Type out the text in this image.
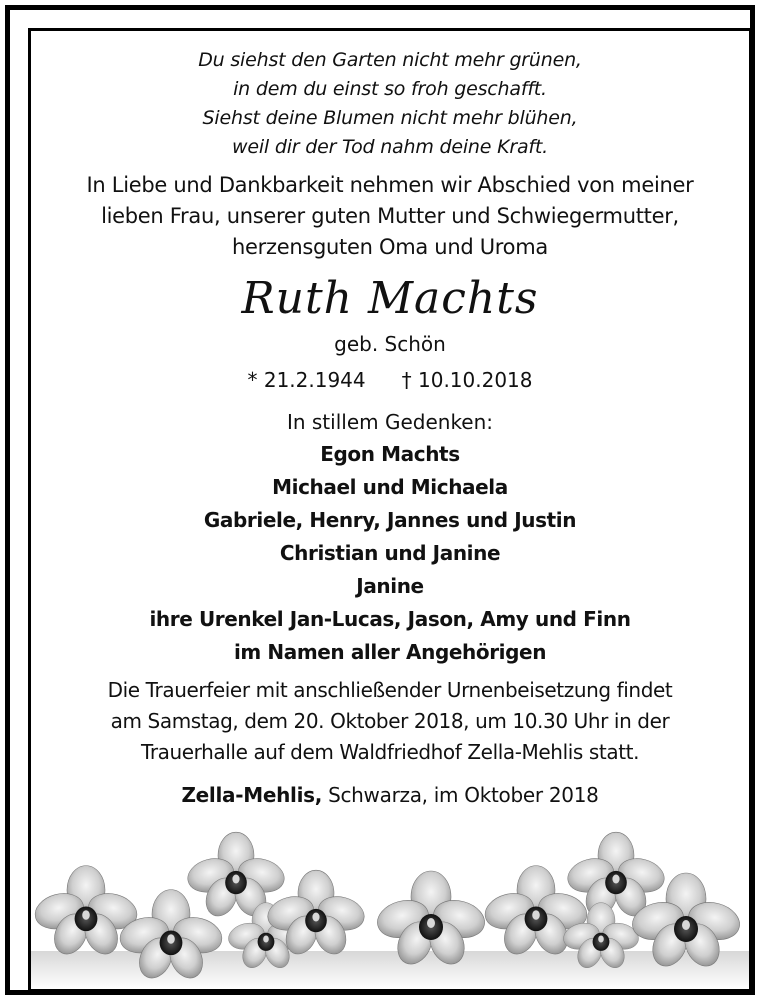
Du siehst den Garten nicht mehr grünen,
in dem du einst so froh geschafft.
Siehst deine Blumen nicht mehr blühen,
weil dir der Tod nahm deine Kraft.
In Liebe und Dankbarkeit nehmen wir Abschied von meiner
lieben Frau, unserer guten Mutter und Schwiegermutter,
herzensguten Oma und Uroma
Ruth Machts
geb. Schön
* 21.2.1944 † 10.10.2018
In stillem Gedenken:
Egon Machts
Michael und Michaela
Gabriele, Henry, Jannes und Justin
Christian und Janine
Janine
ihre Urenkel Jan-Lucas, Jason, Amy und Finn
im Namen aller Angehörigen
Die Trauerfeier mit anschließender Urnenbeisetzung findet
am Samstag, dem 20. Oktober 2018, um 10.30 Uhr in der
Trauerhalle auf dem Waldfriedhof Zella-Mehlis statt.
Zella-Mehlis, Schwarza, im Oktober 2018
